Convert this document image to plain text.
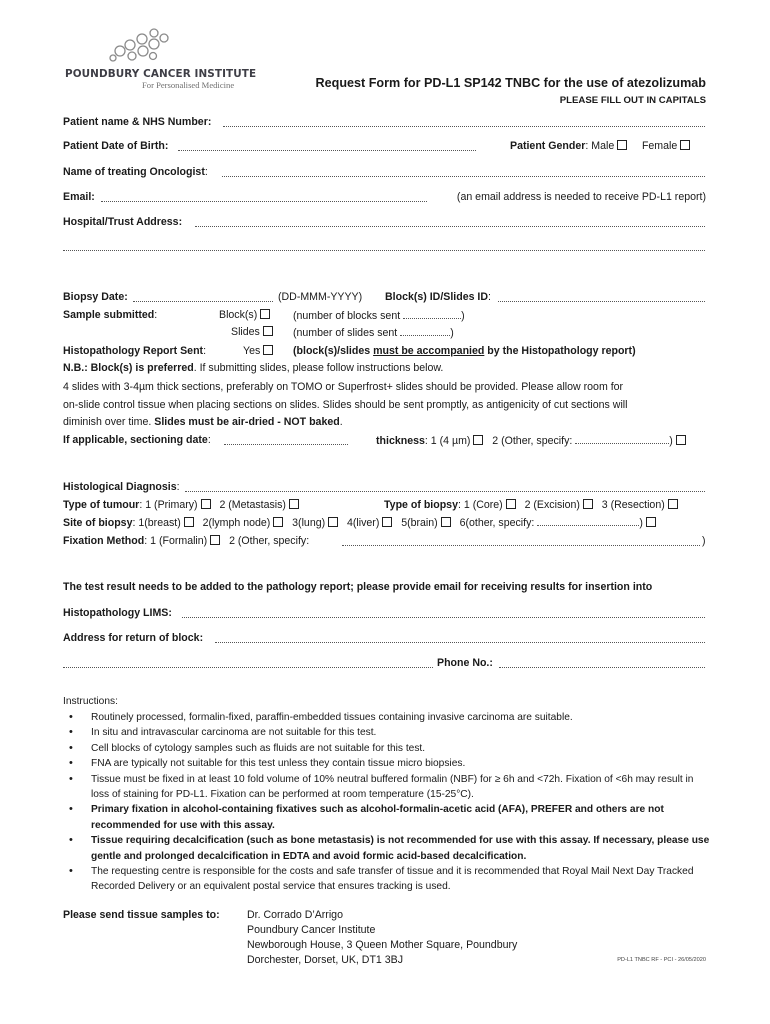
POUNDBURY CANCER INSTITUTE
For Personalised Medicine	Request Form for PD-L1 SP142 TNBC for the use of atezolizumab
PLEASE FILL OUT IN CAPITALS
Patient name & NHS Number:
Patient Date of Birth:	Patient Gender: Male	Female
Name of treating Oncologist:
Email:	(an email address is needed to receive PD-L1 report)
Hospital/Trust Address:
Biopsy Date:	(DD-MMM-YYYY) Block(s) ID/Slides ID:
Sample submitted:	Block(s)	(number of blocks sent	)
Slides	(number of slides sent	)
Histopathology Report Sent:	Yes	(block(s)/slides must be accompanied by the Histopathology report)
N.B.: Block(s) is preferred. If submitting slides, please follow instructions below.
4 slides with 3-4µm thick sections, preferably on TOMO or Superfrost+ slides should be provided. Please allow room for
on-slide control tissue when placing sections on slides. Slides should be sent promptly, as antigenicity of cut sections will
diminish over time. Slides must be air-dried - NOT baked.
If applicable, sectioning date:	thickness: 1 (4 µm) 2 (Other, specify:	)
Histological Diagnosis:
Type of tumour: 1 (Primary) 2 (Metastasis)	Type of biopsy: 1 (Core) 2 (Excision) 3 (Resection)
Site of biopsy: 1(breast) 2(lymph node) 3(lung) 4(liver) 5(brain) 6(other, specify:	)
Fixation Method: 1 (Formalin) 2 (Other, specify:	)
The test result needs to be added to the pathology report; please provide email for receiving results for insertion into
Histopathology LIMS:
Address for return of block:
Phone No.:
Instructions:
• Routinely processed, formalin-fixed, paraffin-embedded tissues containing invasive carcinoma are suitable.
• In situ and intravascular carcinoma are not suitable for this test.
• Cell blocks of cytology samples such as fluids are not suitable for this test.
• FNA are typically not suitable for this test unless they contain tissue micro biopsies.
• Tissue must be fixed in at least 10 fold volume of 10% neutral buffered formalin (NBF) for ≥ 6h and <72h. Fixation of <6h may result in loss of staining for PD-L1. Fixation can be performed at room temperature (15-25°C).
• Primary fixation in alcohol-containing fixatives such as alcohol-formalin-acetic acid (AFA), PREFER and others are not recommended for use with this assay.
• Tissue requiring decalcification (such as bone metastasis) is not recommended for use with this assay. If necessary, please use gentle and prolonged decalcification in EDTA and avoid formic acid-based decalcification.
• The requesting centre is responsible for the costs and safe transfer of tissue and it is recommended that Royal Mail Next Day Tracked Recorded Delivery or an equivalent postal service that ensures tracking is used.
Please send tissue samples to:	Dr. Corrado D’Arrigo
Poundbury Cancer Institute
Newborough House, 3 Queen Mother Square, Poundbury
Dorchester, Dorset, UK, DT1 3BJ	PD-L1 TNBC RF - PCI - 26/05/2020
